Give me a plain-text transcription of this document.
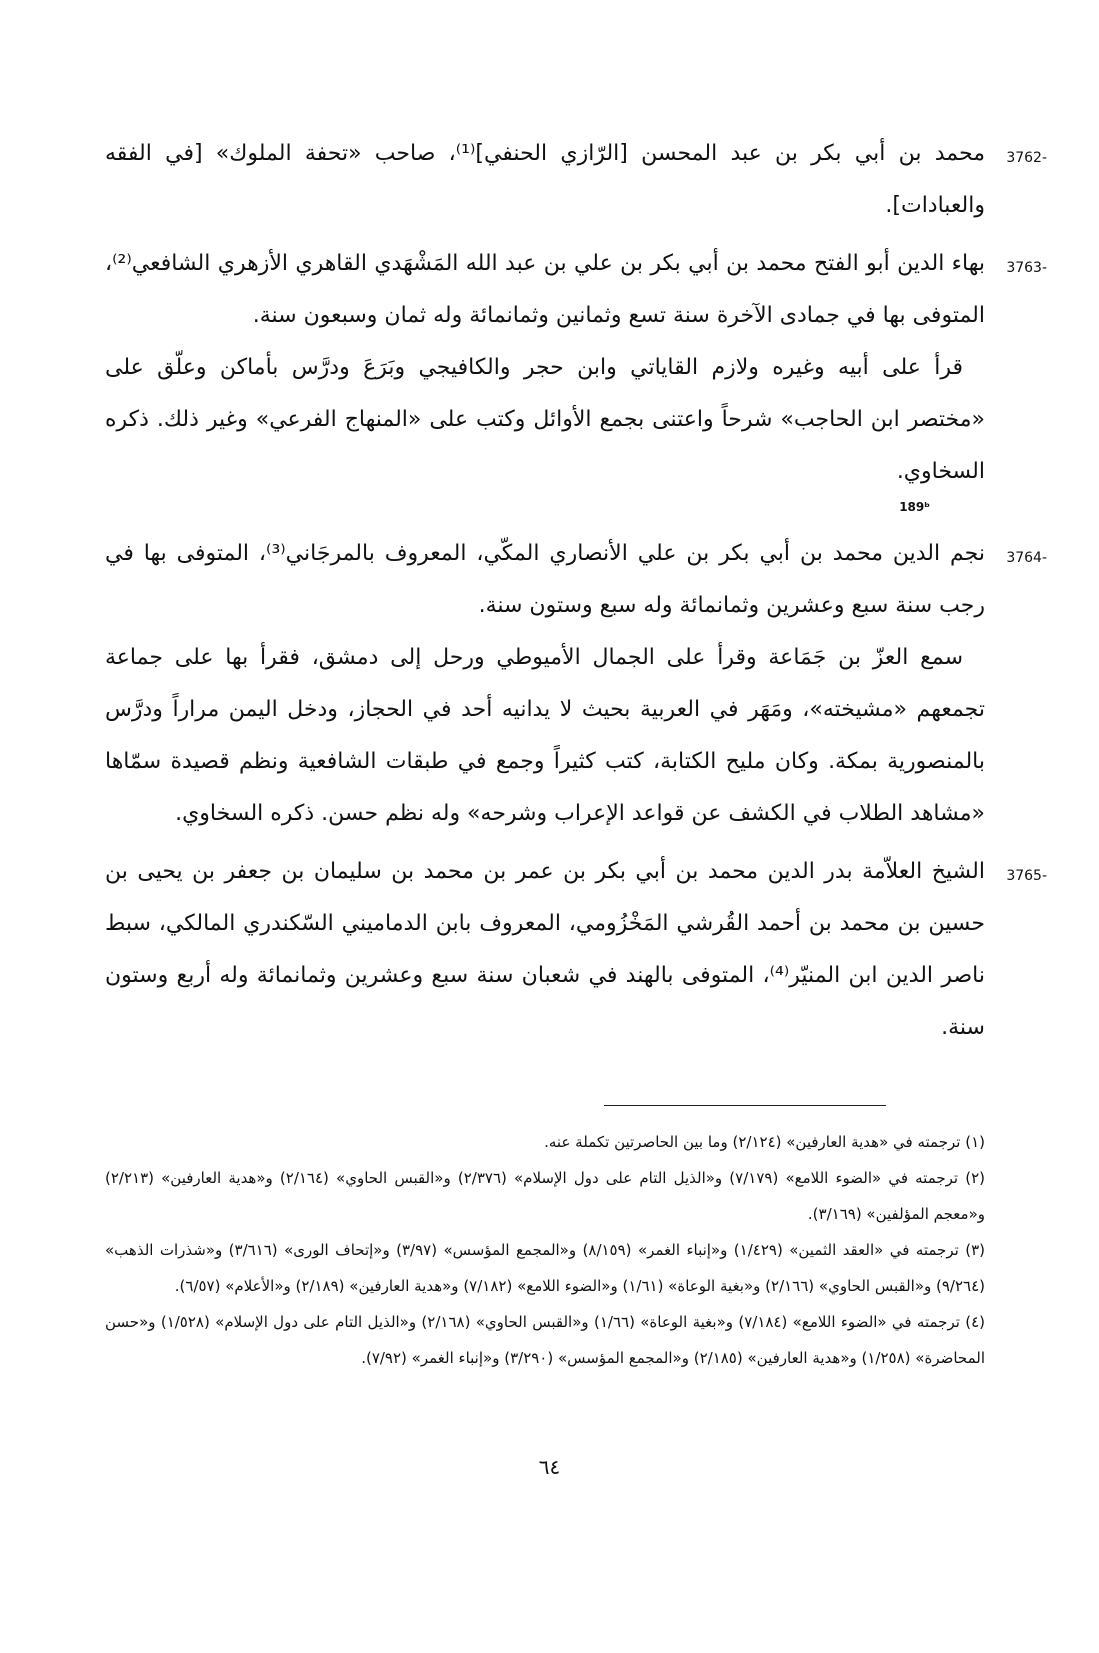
3762-

محمد بن أبي بكر بن عبد المحسن [الرّازي الحنفي]⁽¹⁾، صاحب «تحفة الملوك» [في الفقه والعبادات].

3763-

بهاء الدين أبو الفتح محمد بن أبي بكر بن علي بن عبد الله المَشْهَدي القاهري الأزهري الشافعي⁽²⁾، المتوفى بها في جمادى الآخرة سنة تسع وثمانين وثمانمائة وله ثمان وسبعون سنة.

قرأ على أبيه وغيره ولازم القاياتي وابن حجر والكافيجي وبَرَعَ ودرَّس بأماكن وعلّق على «مختصر ابن الحاجب» شرحاً واعتنى بجمع الأوائل وكتب على «المنهاج الفرعي» وغير ذلك. ذكره السخاوي.

189ᵇ
3764-

نجم الدين محمد بن أبي بكر بن علي الأنصاري المكّي، المعروف بالمرجَاني⁽³⁾، المتوفى بها في رجب سنة سبع وعشرين وثمانمائة وله سبع وستون سنة.

سمع العزّ بن جَمَاعة وقرأ على الجمال الأميوطي ورحل إلى دمشق، فقرأ بها على جماعة تجمعهم «مشيخته»، ومَهَر في العربية بحيث لا يدانيه أحد في الحجاز، ودخل اليمن مراراً ودرَّس بالمنصورية بمكة. وكان مليح الكتابة، كتب كثيراً وجمع في طبقات الشافعية ونظم قصيدة سمّاها «مشاهد الطلاب في الكشف عن قواعد الإعراب وشرحه» وله نظم حسن. ذكره السخاوي.

3765-

الشيخ العلاّمة بدر الدين محمد بن أبي بكر بن عمر بن محمد بن سليمان بن جعفر بن يحيى بن حسين بن محمد بن أحمد القُرشي المَخْزُومي، المعروف بابن الدماميني السّكندري المالكي، سبط ناصر الدين ابن المنيّر⁽⁴⁾، المتوفى بالهند في شعبان سنة سبع وعشرين وثمانمائة وله أربع وستون سنة.

(١) ترجمته في «هدية العارفين» (٢/١٢٤) وما بين الحاصرتين تكملة عنه.

(٢) ترجمته في «الضوء اللامع» (٧/١٧٩) و«الذيل التام على دول الإسلام» (٢/٣٧٦) و«القبس الحاوي» (٢/١٦٤) و«هدية العارفين» (٢/٢١٣) و«معجم المؤلفين» (٣/١٦٩).

(٣) ترجمته في «العقد الثمين» (١/٤٢٩) و«إنباء الغمر» (٨/١٥٩) و«المجمع المؤسس» (٣/٩٧) و«إتحاف الورى» (٣/٦١٦) و«شذرات الذهب» (٩/٢٦٤) و«القبس الحاوي» (٢/١٦٦) و«بغية الوعاة» (١/٦١) و«الضوء اللامع» (٧/١٨٢) و«هدية العارفين» (٢/١٨٩) و«الأعلام» (٦/٥٧).

(٤) ترجمته في «الضوء اللامع» (٧/١٨٤) و«بغية الوعاة» (١/٦٦) و«القبس الحاوي» (٢/١٦٨) و«الذيل التام على دول الإسلام» (١/٥٢٨) و«حسن المحاضرة» (١/٢٥٨) و«هدية العارفين» (٢/١٨٥) و«المجمع المؤسس» (٣/٢٩٠) و«إنباء الغمر» (٧/٩٢).

٦٤
